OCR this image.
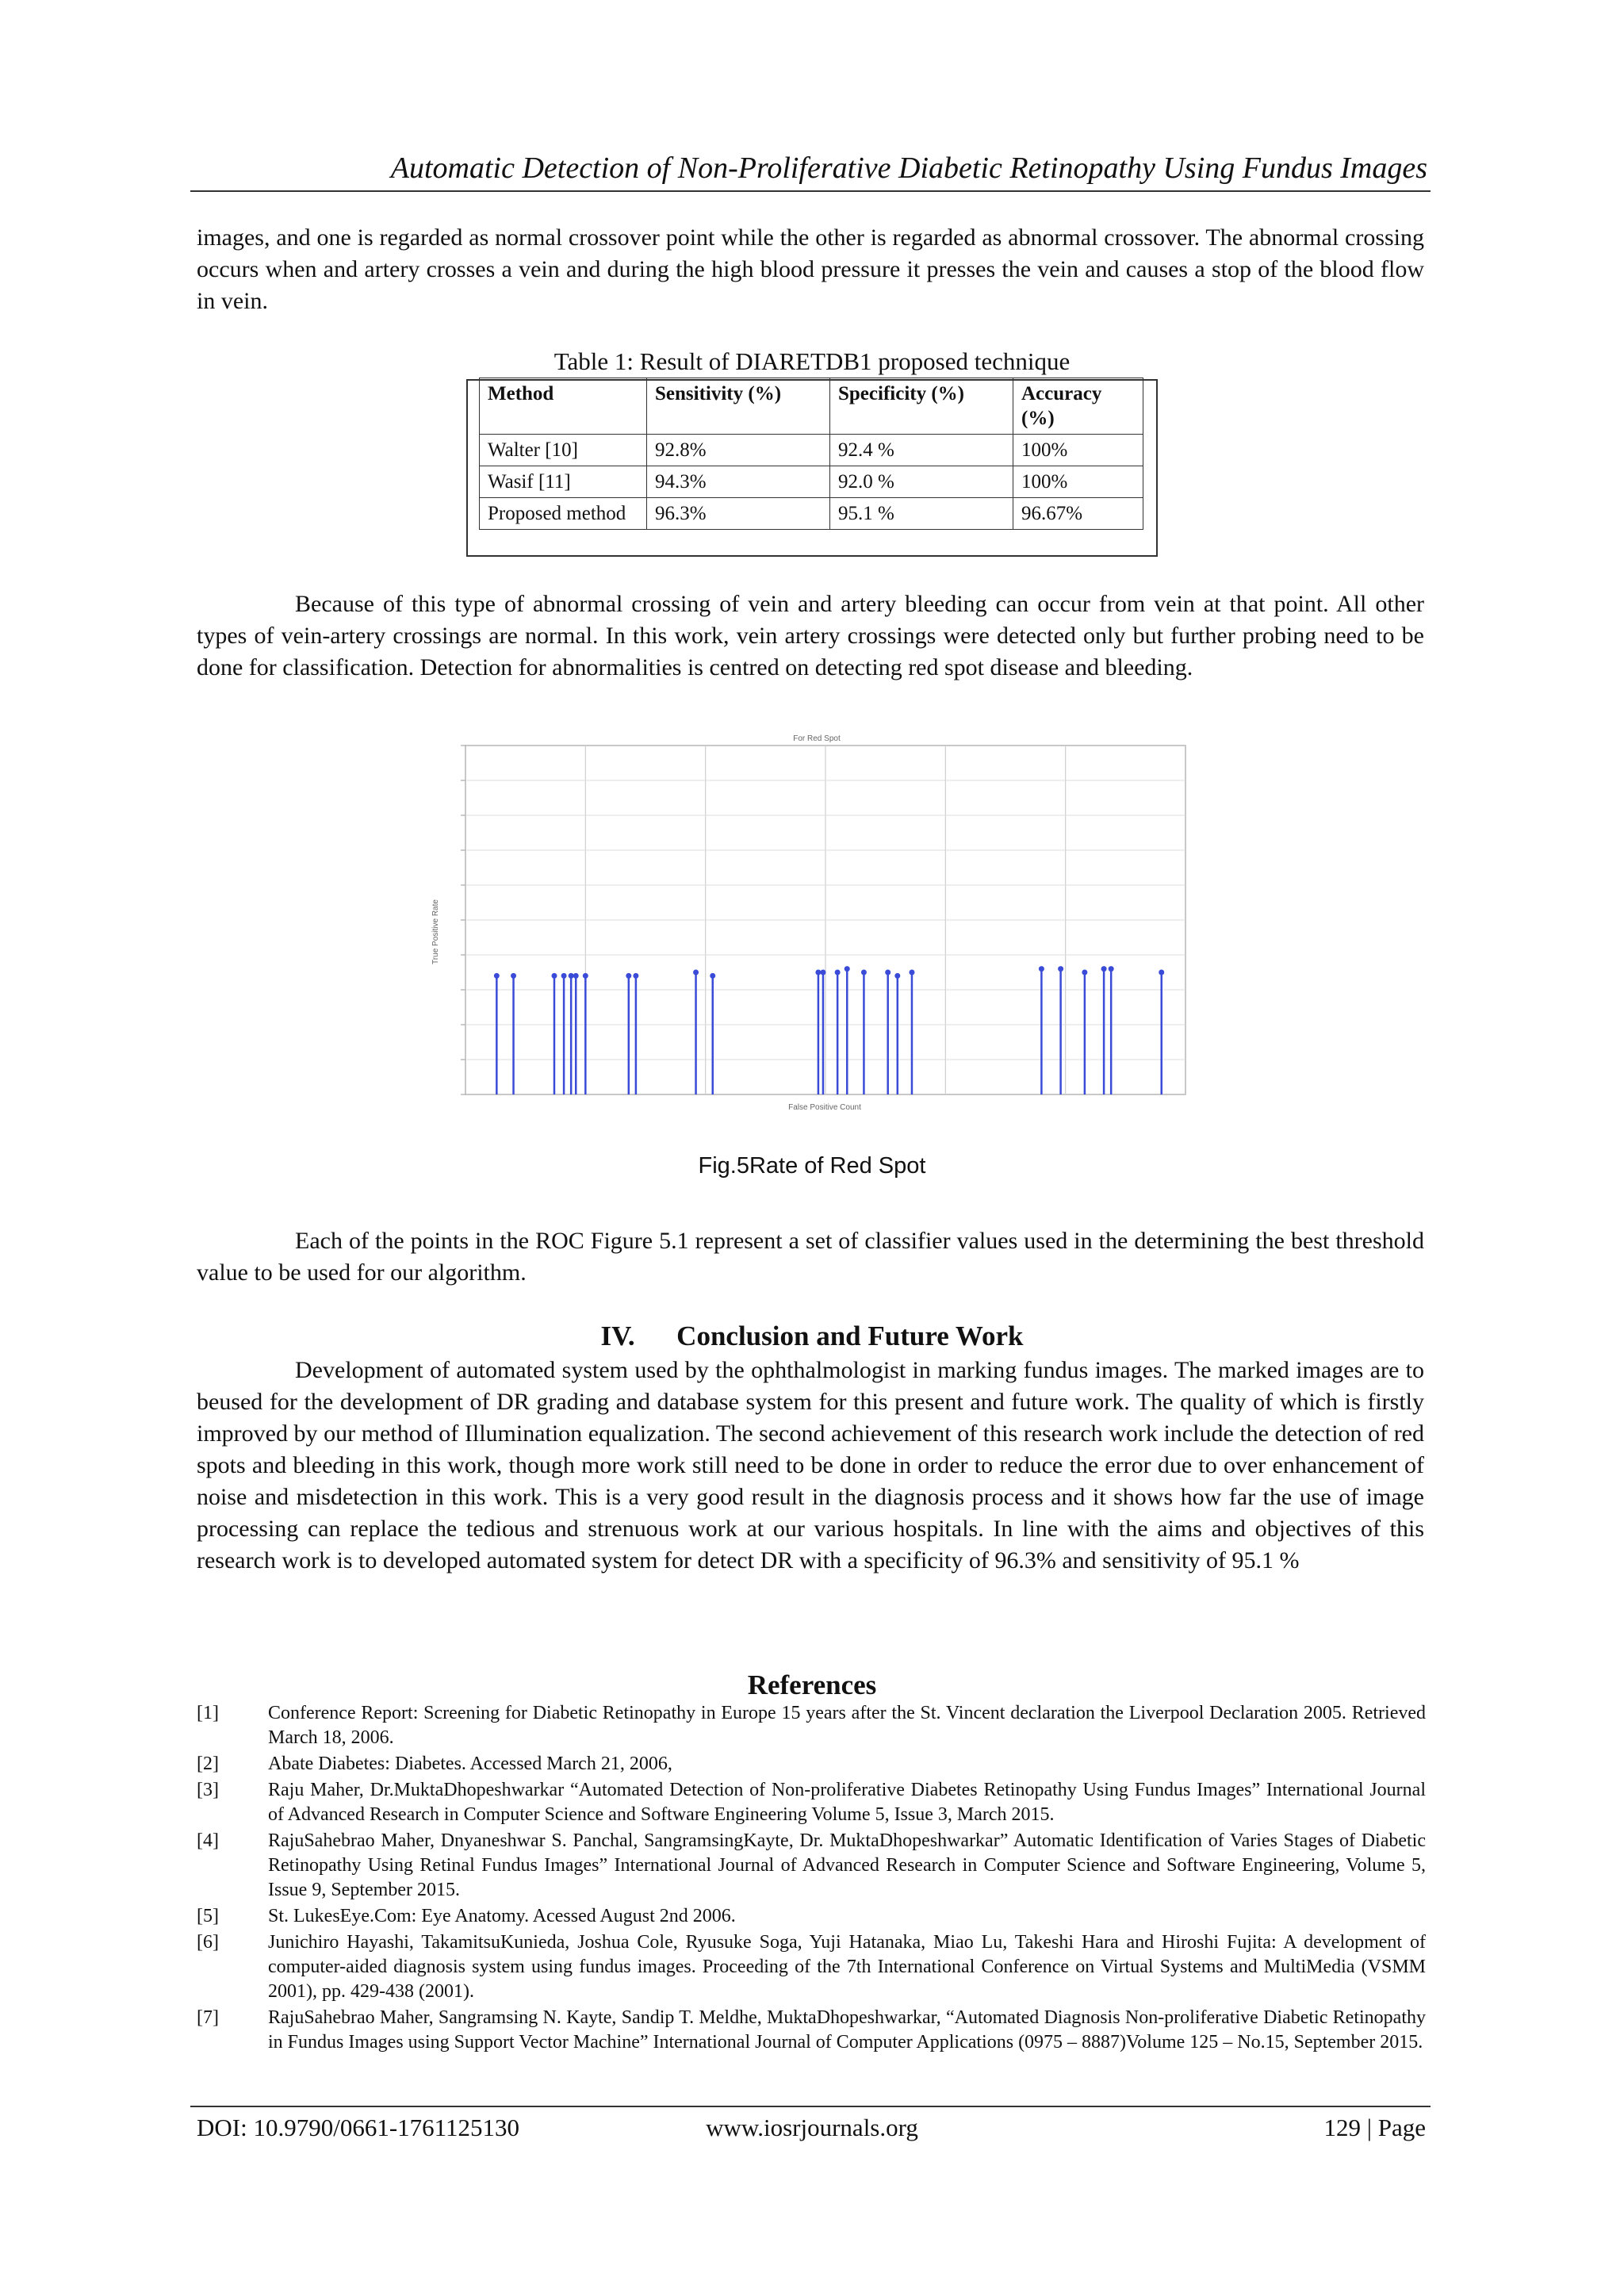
Automatic Detection of Non-Proliferative Diabetic Retinopathy Using Fundus Images

images, and one is regarded as normal crossover point while the other is regarded as abnormal crossover. The abnormal crossing occurs when and artery crosses a vein and during the high blood pressure it presses the vein and causes a stop of the blood flow in vein.

Table 1: Result of DIARETDB1 proposed technique
Method	Sensitivity (%)	Specificity (%)	Accuracy (%)
Walter [10]	92.8%	92.4 %	100%
Wasif [11]	94.3%	92.0 %	100%
Proposed method	96.3%	95.1 %	96.67%

Because of this type of abnormal crossing of vein and artery bleeding can occur from vein at that point. All other types of vein-artery crossings are normal. In this work, vein artery crossings were detected only but further probing need to be done for classification. Detection for abnormalities is centred on detecting red spot disease and bleeding.

For Red Spot
False Positive Count
True Positive Rate
Fig.5Rate of Red Spot

Each of the points in the ROC Figure 5.1 represent a set of classifier values used in the determining the best threshold value to be used for our algorithm.

IV.      Conclusion and Future Work

Development of automated system used by the ophthalmologist in marking fundus images. The marked images are to beused for the development of DR grading and database system for this present and future work. The quality of which is firstly improved by our method of Illumination equalization. The second achievement of this research work include the detection of red spots and bleeding in this work, though more work still need to be done in order to reduce the error due to over enhancement of noise and misdetection in this work. This is a very good result in the diagnosis process and it shows how far the use of image processing can replace the tedious and strenuous work at our various hospitals. In line with the aims and objectives of this research work is to developed automated system for detect DR with a specificity of 96.3% and sensitivity of 95.1 %

References
[1]	Conference Report: Screening for Diabetic Retinopathy in Europe 15 years after the St. Vincent declaration the Liverpool Declaration 2005. Retrieved March 18, 2006.
[2]	Abate Diabetes: Diabetes. Accessed March 21, 2006,
[3]	Raju Maher, Dr.MuktaDhopeshwarkar “Automated Detection of Non-proliferative Diabetes Retinopathy Using Fundus Images” International Journal of Advanced Research in Computer Science and Software Engineering Volume 5, Issue 3, March 2015.
[4]	RajuSahebrao Maher, Dnyaneshwar S. Panchal, SangramsingKayte, Dr. MuktaDhopeshwarkar” Automatic Identification of Varies Stages of Diabetic Retinopathy Using Retinal Fundus Images” International Journal of Advanced Research in Computer Science and Software Engineering, Volume 5, Issue 9, September 2015.
[5]	St. LukesEye.Com: Eye Anatomy. Acessed August 2nd 2006.
[6]	Junichiro Hayashi, TakamitsuKunieda, Joshua Cole, Ryusuke Soga, Yuji Hatanaka, Miao Lu, Takeshi Hara and Hiroshi Fujita: A development of computer-aided diagnosis system using fundus images. Proceeding of the 7th International Conference on Virtual Systems and MultiMedia (VSMM 2001), pp. 429-438 (2001).
[7]	RajuSahebrao Maher, Sangramsing N. Kayte, Sandip T. Meldhe, MuktaDhopeshwarkar, “Automated Diagnosis Non-proliferative Diabetic Retinopathy in Fundus Images using Support Vector Machine” International Journal of Computer Applications (0975 – 8887)Volume 125 – No.15, September 2015.
DOI: 10.9790/0661-1761125130	www.iosrjournals.org	129 | Page
